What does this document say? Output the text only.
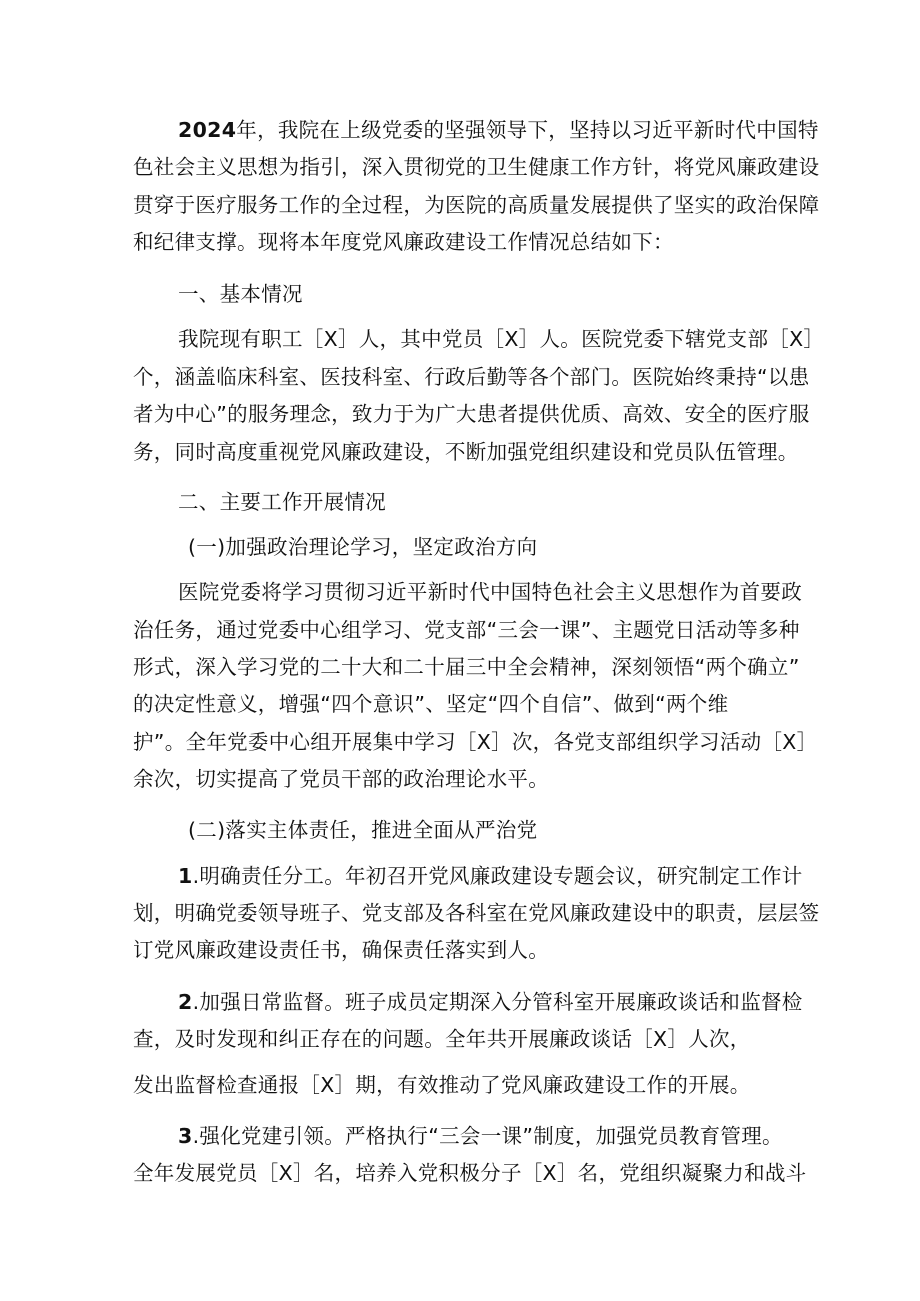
2024年，我院在上级党委的坚强领导下，坚持以习近平新时代中国特
色社会主义思想为指引，深入贯彻党的卫生健康工作方针，将党风廉政建设
贯穿于医疗服务工作的全过程，为医院的高质量发展提供了坚实的政治保障
和纪律支撑。现将本年度党风廉政建设工作情况总结如下：
一、基本情况
我院现有职工［X］人，其中党员［X］人。医院党委下辖党支部［X］
个，涵盖临床科室、医技科室、行政后勤等各个部门。医院始终秉持“以患
者为中心”的服务理念，致力于为广大患者提供优质、高效、安全的医疗服
务，同时高度重视党风廉政建设，不断加强党组织建设和党员队伍管理。
二、主要工作开展情况
(一)加强政治理论学习，坚定政治方向
医院党委将学习贯彻习近平新时代中国特色社会主义思想作为首要政
治任务，通过党委中心组学习、党支部“三会一课”、主题党日活动等多种
形式，深入学习党的二十大和二十届三中全会精神，深刻领悟“两个确立”
的决定性意义，增强“四个意识”、坚定“四个自信”、做到“两个维
护”。全年党委中心组开展集中学习［X］次，各党支部组织学习活动［X］
余次，切实提高了党员干部的政治理论水平。
(二)落实主体责任，推进全面从严治党
1.明确责任分工。年初召开党风廉政建设专题会议，研究制定工作计
划，明确党委领导班子、党支部及各科室在党风廉政建设中的职责，层层签
订党风廉政建设责任书，确保责任落实到人。
2.加强日常监督。班子成员定期深入分管科室开展廉政谈话和监督检
查，及时发现和纠正存在的问题。全年共开展廉政谈话［X］人次，
发出监督检查通报［X］期，有效推动了党风廉政建设工作的开展。
3.强化党建引领。严格执行“三会一课”制度，加强党员教育管理。
全年发展党员［X］名，培养入党积极分子［X］名，党组织凝聚力和战斗
